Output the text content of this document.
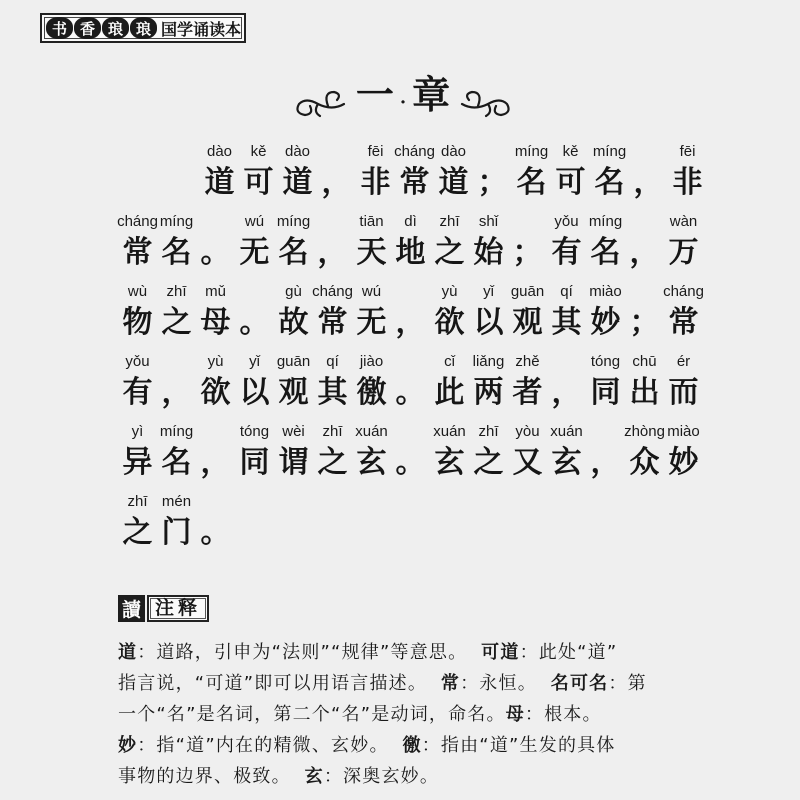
书 香 琅 琅 国学诵读本
一 · 章
dào
道
kě
可
dào
道 ，
fēi
非
cháng
常
dào
道 ；
míng
名
kě
可
míng
名 ，
fēi
非
cháng
常
míng
名 。
wú
无
míng
名 ，
tiān
天
dì
地
zhī
之
shǐ
始 ；
yǒu
有
míng
名 ，
wàn
万
wù
物
zhī
之
mǔ
母 。
gù
故
cháng
常
wú
无 ，
yù
欲
yǐ
以
guān
观
qí
其
miào
妙 ；
cháng
常
yǒu
有 ，
yù
欲
yǐ
以
guān
观
qí
其
jiào
徼 。
cǐ
此
liǎng
两
zhě
者 ，
tóng
同
chū
出
ér
而
yì
异
míng
名 ，
tóng
同
wèi
谓
zhī
之
xuán
玄 。
xuán
玄
zhī
之
yòu
又
xuán
玄 ，
zhòng
众
miào
妙
zhī
之
mén
门 。
讀 注释
道：道路，引申为“法则”“规律”等意思。  可道：此处“道”
指言说，“可道”即可以用语言描述。  常：永恒。  名可名：第
一个“名”是名词，第二个“名”是动词，命名。母：根本。
妙：指“道”内在的精微、玄妙。  徼：指由“道”生发的具体
事物的边界、极致。  玄：深奥玄妙。
